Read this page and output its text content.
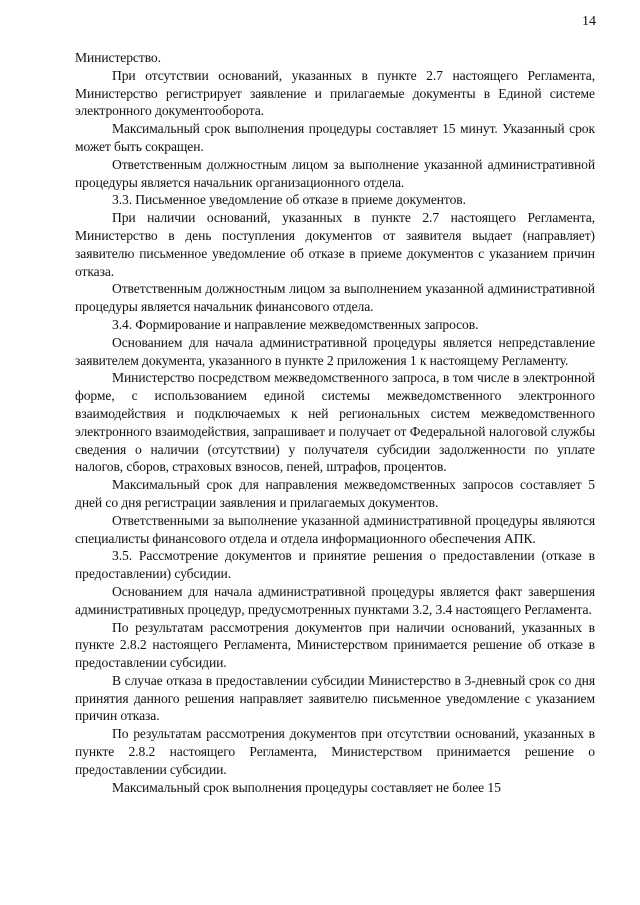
14

Министерство.

При отсутствии оснований, указанных в пункте 2.7 настоящего Регламента, Министерство регистрирует заявление и прилагаемые документы в Единой системе электронного документооборота.

Максимальный срок выполнения процедуры составляет 15 минут. Указанный срок может быть сокращен.

Ответственным должностным лицом за выполнение указанной административной процедуры является начальник организационного отдела.

3.3. Письменное уведомление об отказе в приеме документов.

При наличии оснований, указанных в пункте 2.7 настоящего Регламента, Министерство в день поступления документов от заявителя выдает (направляет) заявителю письменное уведомление об отказе в приеме документов с указанием причин отказа.

Ответственным должностным лицом за выполнением указанной административной процедуры является начальник финансового отдела.

3.4. Формирование и направление межведомственных запросов.

Основанием для начала административной процедуры является непредставление заявителем документа, указанного в пункте 2 приложения 1 к настоящему Регламенту.

Министерство посредством межведомственного запроса, в том числе в электронной форме, с использованием единой системы межведомственного электронного взаимодействия и подключаемых к ней региональных систем межведомственного электронного взаимодействия, запрашивает и получает от Федеральной налоговой службы сведения о наличии (отсутствии) у получателя субсидии задолженности по уплате налогов, сборов, страховых взносов, пеней, штрафов, процентов.

Максимальный срок для направления межведомственных запросов составляет 5 дней со дня регистрации заявления и прилагаемых документов.

Ответственными за выполнение указанной административной процедуры являются специалисты финансового отдела и отдела информационного обеспечения АПК.

3.5. Рассмотрение документов и принятие решения о предоставлении (отказе в предоставлении) субсидии.

Основанием для начала административной процедуры является факт завершения административных процедур, предусмотренных пунктами 3.2, 3.4 настоящего Регламента.

По результатам рассмотрения документов при наличии оснований, указанных в пункте 2.8.2 настоящего Регламента, Министерством принимается решение об отказе в предоставлении субсидии.

В случае отказа в предоставлении субсидии Министерство в 3-дневный срок со дня принятия данного решения направляет заявителю письменное уведомление с указанием причин отказа.

По результатам рассмотрения документов при отсутствии оснований, указанных в пункте 2.8.2 настоящего Регламента, Министерством принимается решение о предоставлении субсидии.

Максимальный срок выполнения процедуры составляет не более 15
